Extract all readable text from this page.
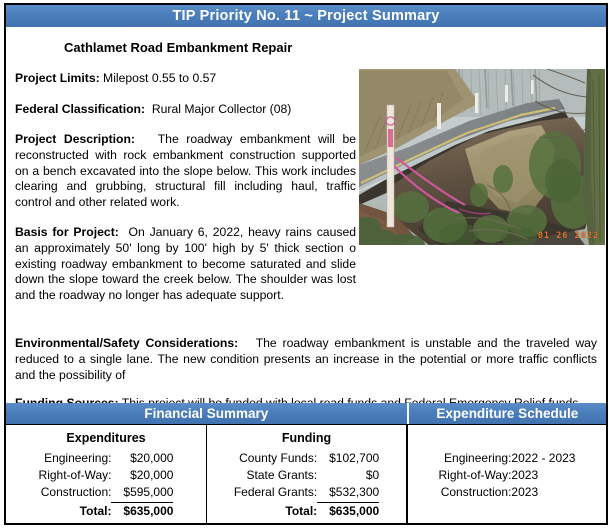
TIP Priority No. 11 ~ Project Summary
Cathlamet Road Embankment Repair
Project Limits: Milepost 0.55 to 0.57
Federal Classification: Rural Major Collector (08)
Project Description: The roadway embankment will be reconstructed with rock embankment construction supported on a bench excavated into the slope below. This work includes clearing and grubbing, structural fill including haul, traffic control and other related work.
Basis for Project: On January 6, 2022, heavy rains caused an approximately 50' long by 100' high by 5' thick section o existing roadway embankment to become saturated and slide down the slope toward the creek below. The shoulder was lost and the roadway no longer has adequate support.
01 26 2022
Environmental/Safety Considerations: The roadway embankment is unstable and the traveled way reduced to a single lane. The new condition presents an increase in the potential or more traffic conflicts and the possibility of
Financial Summary	Expenditure Schedule
Expenditures
Engineering:	$20,000
Right-of-Way:	$20,000
Construction:	$595,000
Total:	$635,000
Funding
County Funds:	$102,700
State Grants:	$0
Federal Grants:	$532,300
Total:	$635,000
Engineering:	2022 - 2023
Right-of-Way:	2023
Construction:	2023
